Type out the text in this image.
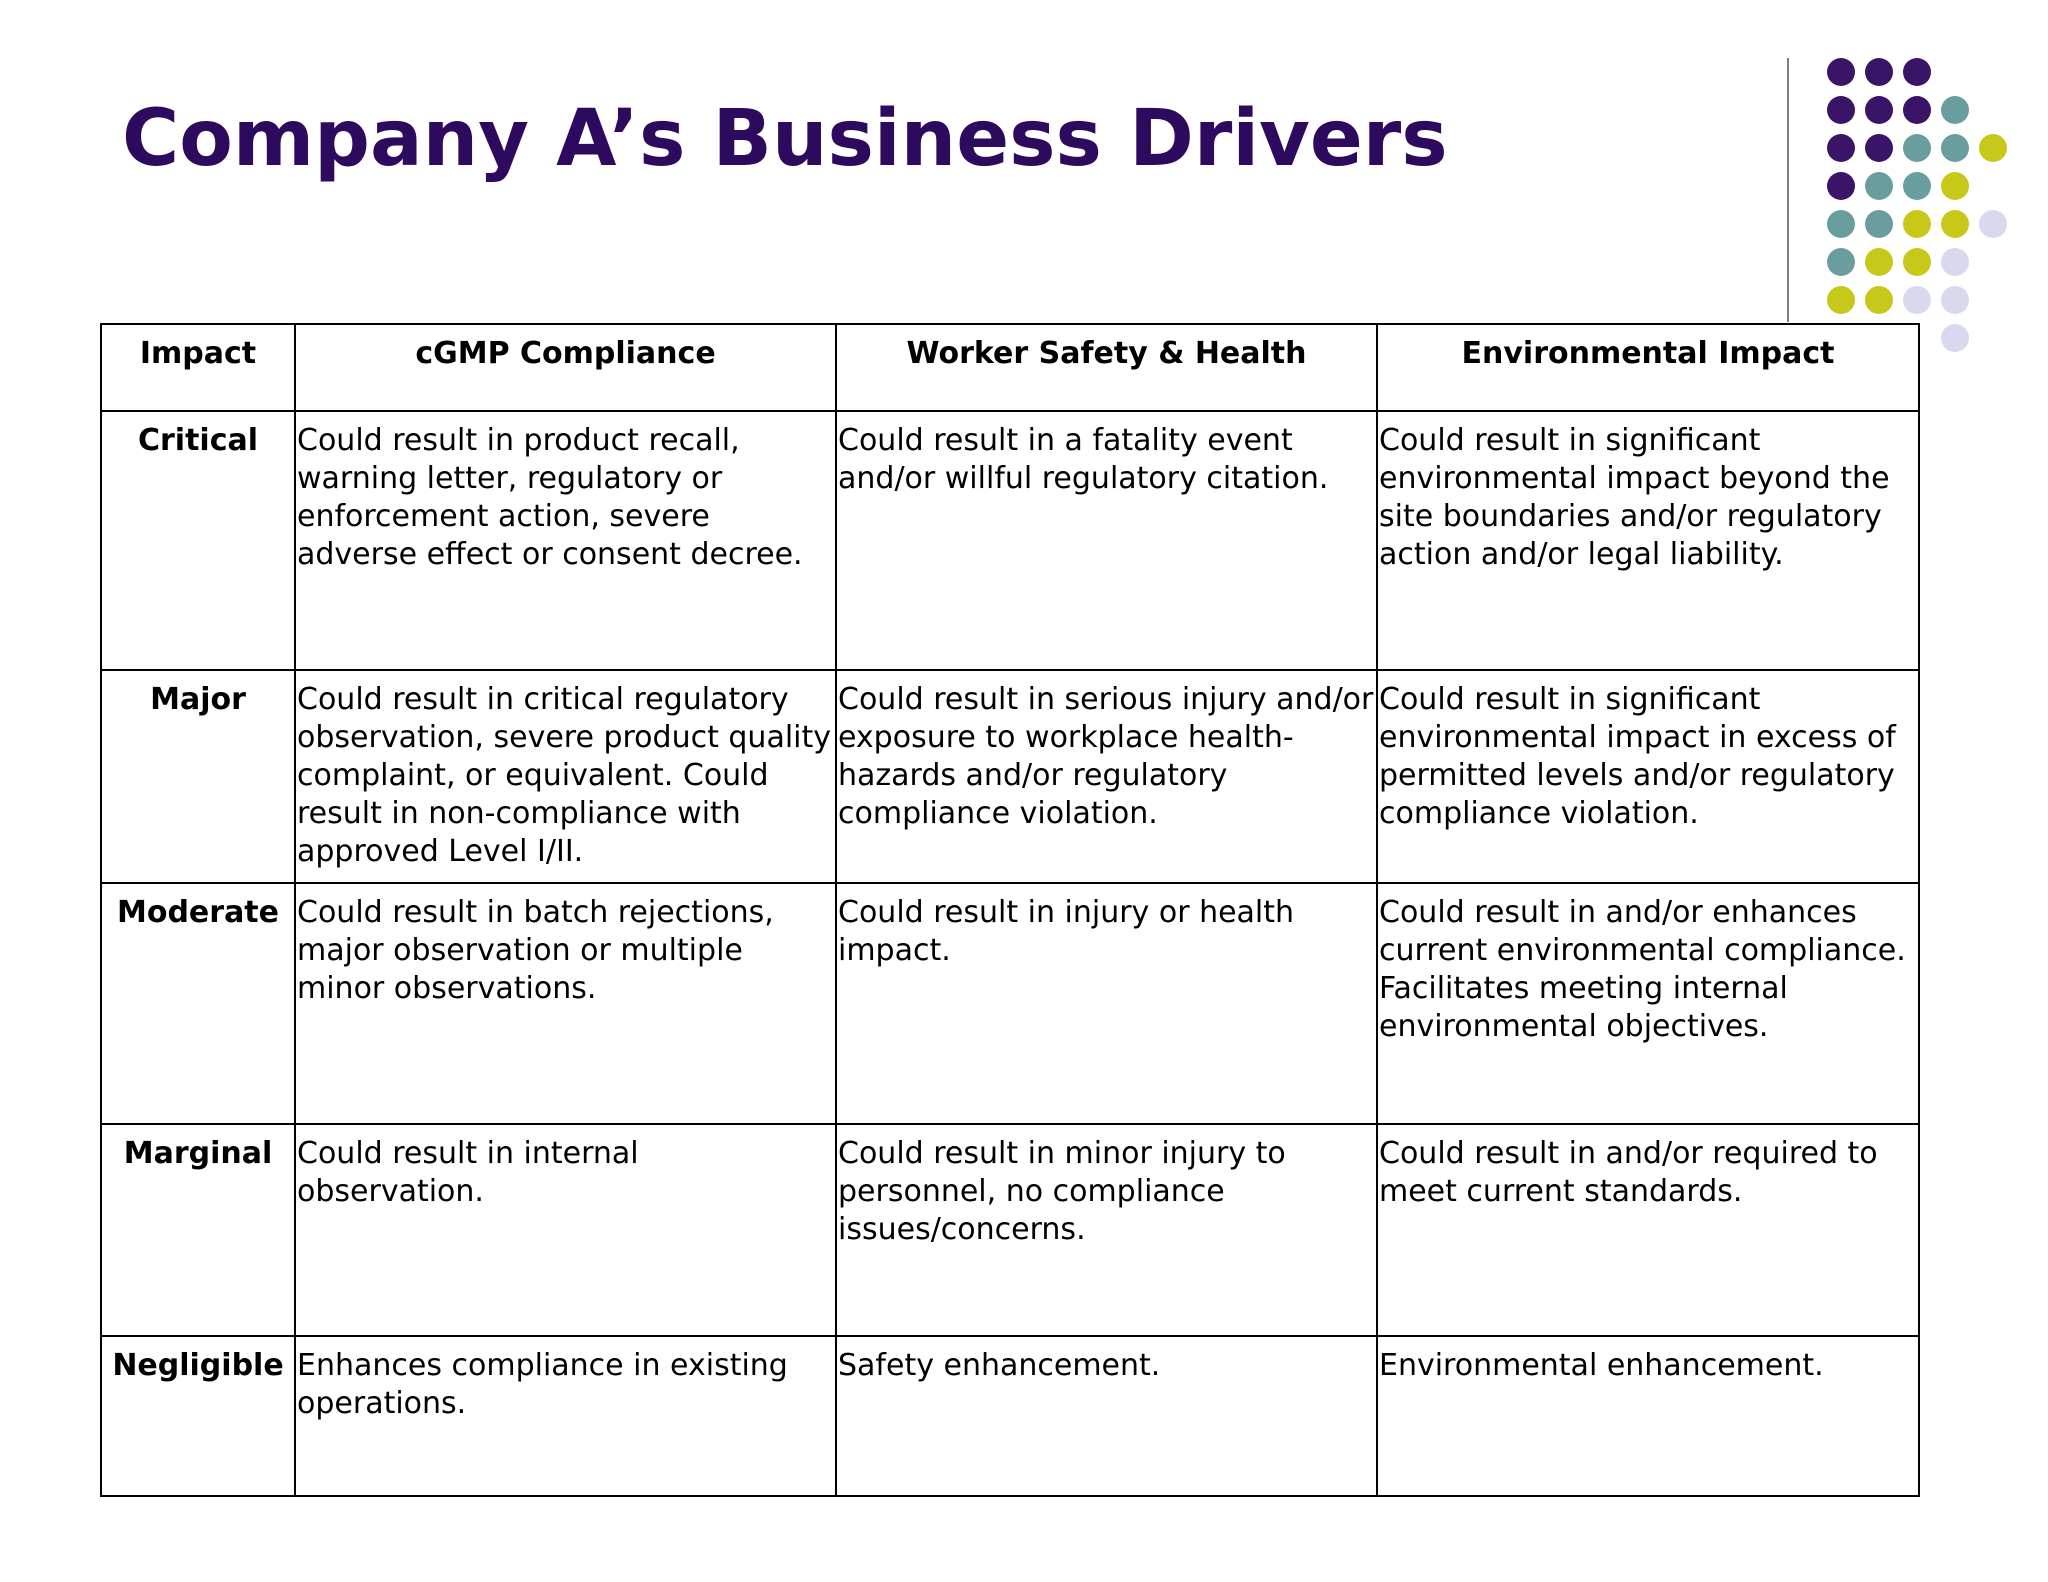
Company A’s Business Drivers
Impact	cGMP Compliance	Worker Safety & Health	Environmental Impact
Critical	Could result in product recall, warning letter, regulatory or enforcement action, severe adverse effect or consent decree.	Could result in a fatality event and/or willful regulatory citation.	Could result in significant environmental impact beyond the site boundaries and/or regulatory action and/or legal liability.
Major	Could result in critical regulatory observation, severe product quality complaint, or equivalent. Could result in non-compliance with approved Level I/II.	Could result in serious injury and/or exposure to workplace health-hazards and/or regulatory compliance violation.	Could result in significant environmental impact in excess of permitted levels and/or regulatory compliance violation.
Moderate	Could result in batch rejections, major observation or multiple minor observations.	Could result in injury or health impact.	Could result in and/or enhances current environmental compliance. Facilitates meeting internal environmental objectives.
Marginal	Could result in internal observation.	Could result in minor injury to personnel, no compliance issues/concerns.	Could result in and/or required to meet current standards.
Negligible	Enhances compliance in existing operations.	Safety enhancement.	Environmental enhancement.
